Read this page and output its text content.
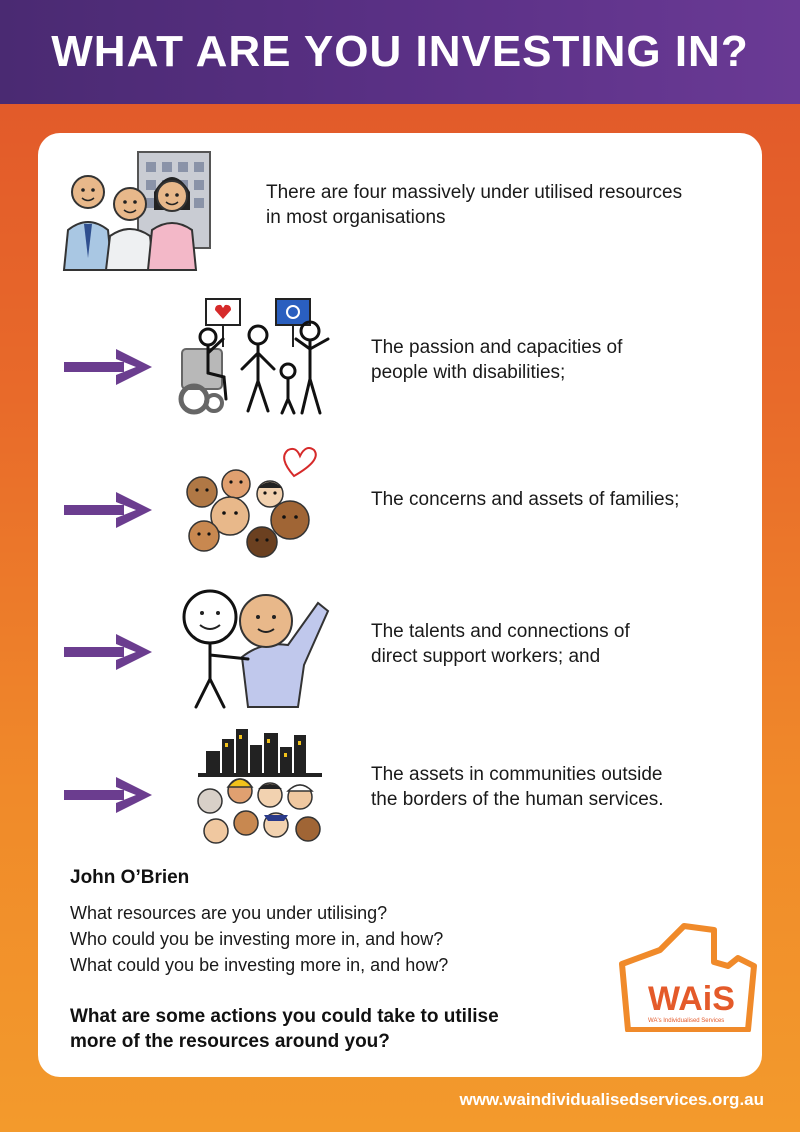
WHAT ARE YOU INVESTING IN?
There are four massively under utilised resources in most organisations
The passion and capacities of
people with disabilities;
The concerns and assets of families;
The talents and connections of
direct support workers; and
The assets in communities outside
the borders of the human services.
John O’Brien
What resources are you under utilising?
Who could you be investing more in, and how?
What could you be investing more in, and how?
What are some actions you could take to utilise
more of the resources around you?
WAiS
WA's Individualised Services
www.waindividualisedservices.org.au
